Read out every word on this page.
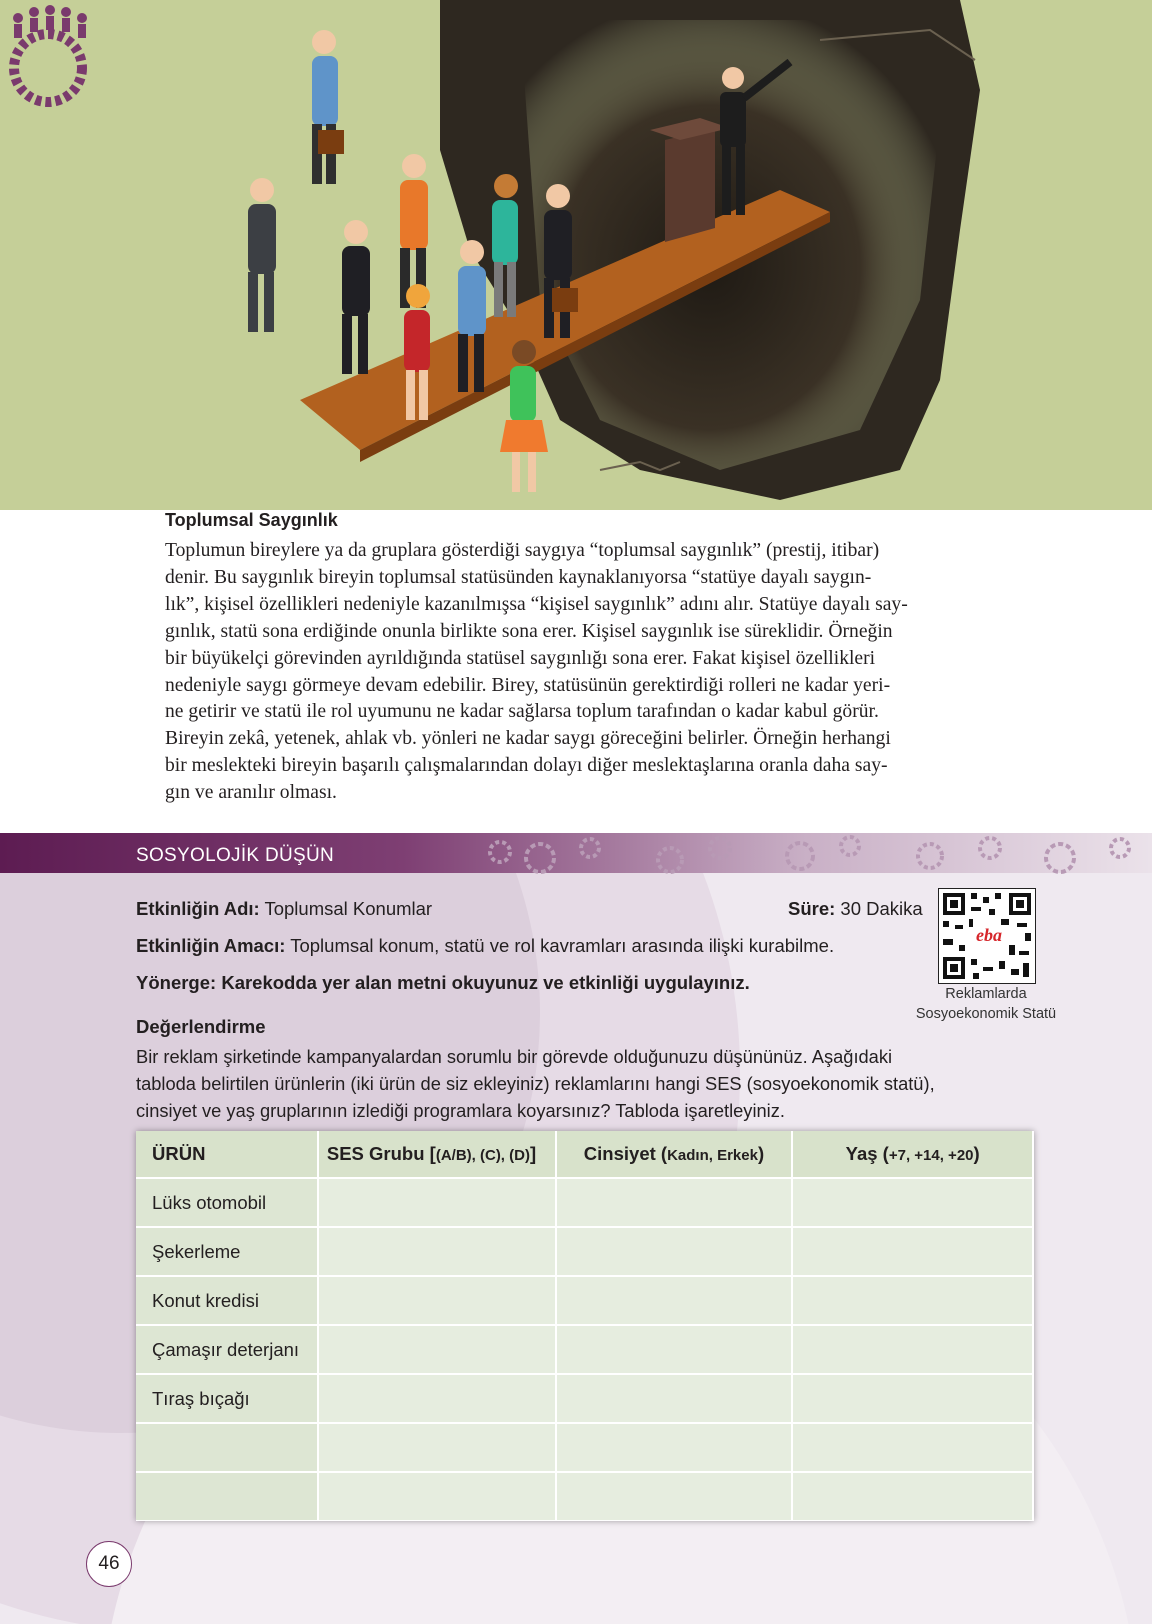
Toplumsal Saygınlık
Toplumun bireylere ya da gruplara gösterdiği saygıya “toplumsal saygınlık” (prestij, itibar)
denir. Bu saygınlık bireyin toplumsal statüsünden kaynaklanıyorsa “statüye dayalı saygın-
lık”, kişisel özellikleri nedeniyle kazanılmışsa “kişisel saygınlık” adını alır. Statüye dayalı say-
gınlık, statü sona erdiğinde onunla birlikte sona erer. Kişisel saygınlık ise süreklidir. Örneğin
bir büyükelçi görevinden ayrıldığında statüsel saygınlığı sona erer. Fakat kişisel özellikleri
nedeniyle saygı görmeye devam edebilir. Birey, statüsünün gerektirdiği rolleri ne kadar yeri-
ne getirir ve statü ile rol uyumunu ne kadar sağlarsa toplum tarafından o kadar kabul görür.
Bireyin zekâ, yetenek, ahlak vb. yönleri ne kadar saygı göreceğini belirler. Örneğin herhangi
bir meslekteki bireyin başarılı çalışmalarından dolayı diğer meslektaşlarına oranla daha say-
gın ve aranılır olması.
SOSYOLOJİK DÜŞÜN
Etkinliğin Adı: Toplumsal Konumlar	Süre: 30 Dakika
Etkinliğin Amacı: Toplumsal konum, statü ve rol kavramları arasında ilişki kurabilme.
Yönerge: Karekodda yer alan metni okuyunuz ve etkinliği uygulayınız.
eba
Reklamlarda
Sosyoekonomik Statü
Değerlendirme
Bir reklam şirketinde kampanyalardan sorumlu bir görevde olduğunuzu düşününüz. Aşağıdaki
tabloda belirtilen ürünlerin (iki ürün de siz ekleyiniz) reklamlarını hangi SES (sosyoekonomik statü),
cinsiyet ve yaş gruplarının izlediği programlara koyarsınız? Tabloda işaretleyiniz.
ÜRÜN	SES Grubu [(A/B), (C), (D)]	Cinsiyet (Kadın, Erkek)	Yaş (+7, +14, +20)
Lüks otomobil			
Şekerleme			
Konut kredisi			
Çamaşır deterjanı			
Tıraş bıçağı			

46
